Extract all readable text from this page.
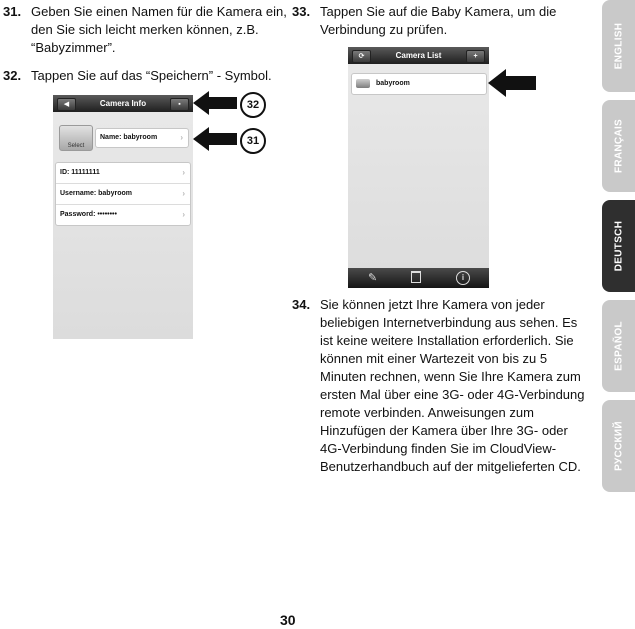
31. Geben Sie einen Namen für die Kamera ein,
den Sie sich leicht merken können, z.B.
“Babyzimmer”.
32. Tappen Sie auf das “Speichern” - Symbol.
◀	Camera Info	▪
Select
Name: babyroom	›
ID: 11111111	›
Username: babyroom	›
Password: ••••••••	›
32
31
33. Tappen Sie auf die Baby Kamera, um die
Verbindung zu prüfen.
⟳	Camera List	+
babyroom
✎	i
34. Sie können jetzt Ihre Kamera von jeder
beliebigen Internetverbindung aus sehen. Es
ist keine weitere Installation erforderlich. Sie
können mit einer Wartezeit von bis zu 5
Minuten rechnen, wenn Sie Ihre Kamera zum
ersten Mal über eine 3G- oder 4G-Verbindung
remote verbinden. Anweisungen zum
Hinzufügen der Kamera über Ihre 3G- oder
4G-Verbindung finden Sie im CloudView-
Benutzerhandbuch auf der mitgelieferten CD.
ENGLISH
FRANÇAIS
DEUTSCH
ESPAÑOL
РУССКИЙ
30
